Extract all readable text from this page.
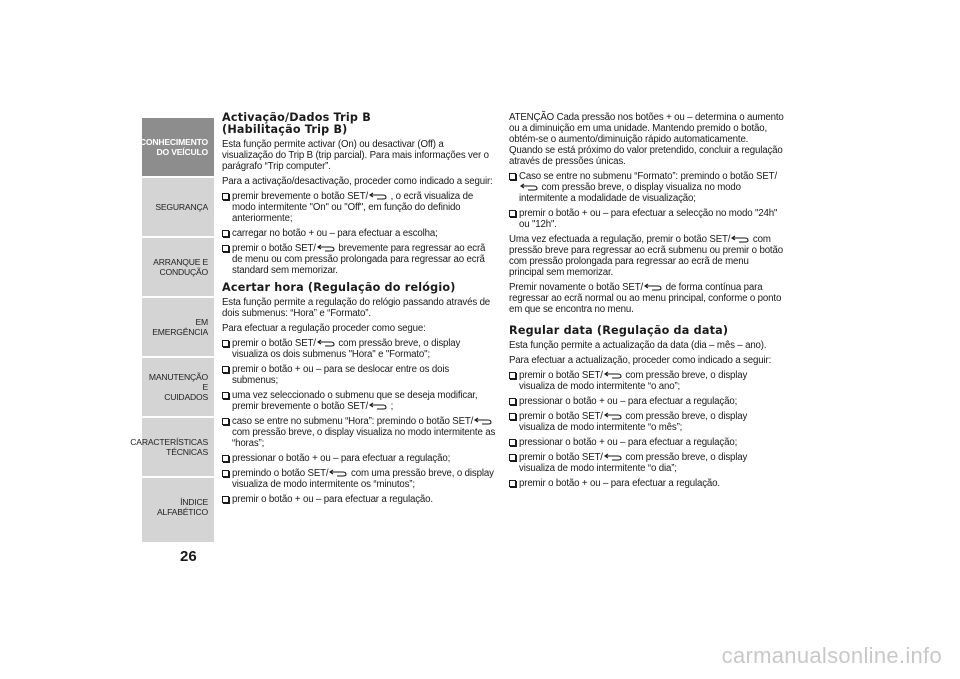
CONHECIMENTO
DO VEÍCULO
SEGURANÇA
ARRANQUE E
CONDUÇÃO
EM EMERGÊNCIA
MANUTENÇÃO E
CUIDADOS
CARACTERÍSTICAS
TÉCNICAS
ÍNDICE ALFABÉTICO
26
Activação/Dados Trip B
(Habilitação Trip B)

Esta função permite activar (On) ou desactivar (Off) a visualização do Trip B (trip parcial). Para mais informações ver o parágrafo “Trip computer”.

Para a activação/desactivação, proceder como indicado a seguir:

premir brevemente o botão SET/ , o ecrã visualiza de modo intermitente "On" ou "Off", em função do definido anteriormente;
carregar no botão + ou – para efectuar a escolha;
premir o botão SET/ brevemente para regressar ao ecrã de menu ou com pressão prolongada para regressar ao ecrã standard sem memorizar.
Acertar hora (Regulação do relógio)

Esta função permite a regulação do relógio passando através de dois submenus: “Hora” e “Formato”.

Para efectuar a regulação proceder como segue:

premir o botão SET/ com pressão breve, o display visualiza os dois submenus "Hora" e "Formato";
premir o botão + ou – para se deslocar entre os dois submenus;
uma vez seleccionado o submenu que se deseja modificar, premir brevemente o botão SET/ ;
caso se entre no submenu “Hora”: premindo o botão SET/ com pressão breve, o display visualiza no modo intermitente as “horas”;
pressionar o botão + ou – para efectuar a regulação;
premindo o botão SET/ com uma pressão breve, o display visualiza de modo intermitente os “minutos”;
premir o botão + ou – para efectuar a regulação.

ATENÇÃO Cada pressão nos botões + ou – determina o aumento ou a diminuição em uma unidade. Mantendo premido o botão, obtém-se o aumento/diminuição rápido automaticamente. Quando se está próximo do valor pretendido, concluir a regulação através de pressões únicas.

Caso se entre no submenu “Formato”: premindo o botão SET/ com pressão breve, o display visualiza no modo intermitente a modalidade de visualização;
premir o botão + ou – para efectuar a selecção no modo "24h" ou "12h".

Uma vez efectuada a regulação, premir o botão SET/ com pressão breve para regressar ao ecrã submenu ou premir o botão com pressão prolongada para regressar ao ecrã de menu principal sem memorizar.

Premir novamente o botão SET/ de forma contínua para regressar ao ecrã normal ou ao menu principal, conforme o ponto em que se encontra no menu.

Regular data (Regulação da data)

Esta função permite a actualização da data (dia – mês – ano).

Para efectuar a actualização, proceder como indicado a seguir:

premir o botão SET/ com pressão breve, o display visualiza de modo intermitente “o ano”;
pressionar o botão + ou – para efectuar a regulação;
premir o botão SET/ com pressão breve, o display visualiza de modo intermitente “o mês”;
pressionar o botão + ou – para efectuar a regulação;
premir o botão SET/ com pressão breve, o display visualiza de modo intermitente “o dia”;
premir o botão + ou – para efectuar a regulação.
carmanualsonline.info
